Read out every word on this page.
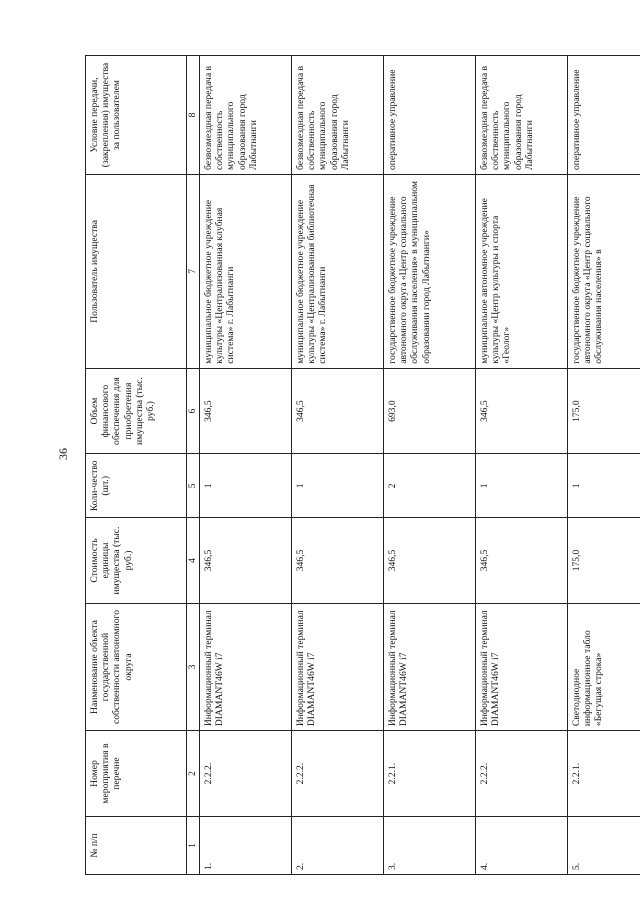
36
№ п/п	Номер мероприятия в перечне	Наименование объекта государственной собственности автономного округа	Стоимость единицы имущества (тыс. руб.)	Коли-чество (шт.)	Объем финансового обеспечения для приобретения имущества (тыс. руб.)	Пользователь имущества	Условие передачи, (закрепления) имущества за пользователем
1	2	3	4	5	6	7	8
1.	2.2.2.	Информационный терминал DIAMANT46W i7	346,5	1	346,5	муниципальное бюджетное учреждение культуры «Централизованная клубная система» г. Лабытнанги	безвозмездная передача в собственность муниципального образования город Лабытнанги
2.	2.2.2.	Информационный терминал DIAMANT46W i7	346,5	1	346,5	муниципальное бюджетное учреждение культуры «Централизованная библиотечная система» г. Лабытнанги	безвозмездная передача в собственность муниципального образования город Лабытнанги
3.	2.2.1.	Информационный терминал DIAMANT46W i7	346,5	2	693,0	государственное бюджетное учреждение автономного округа «Центр социального обслуживания населения» в муниципальном образовании город Лабытнанги»	оперативное управление
4.	2.2.2.	Информационный терминал DIAMANT46W i7	346,5	1	346,5	муниципальное автономное учреждение культуры «Центр культуры и спорта «Геолог»	безвозмездная передача в собственность муниципального образования город Лабытнанги
5.	2.2.1.	Светодиодное информационное табло «Бегущая строка»	175,0	1	175,0	государственное бюджетное учреждение автономного округа «Центр социального обслуживания населения» в	оперативное управление
